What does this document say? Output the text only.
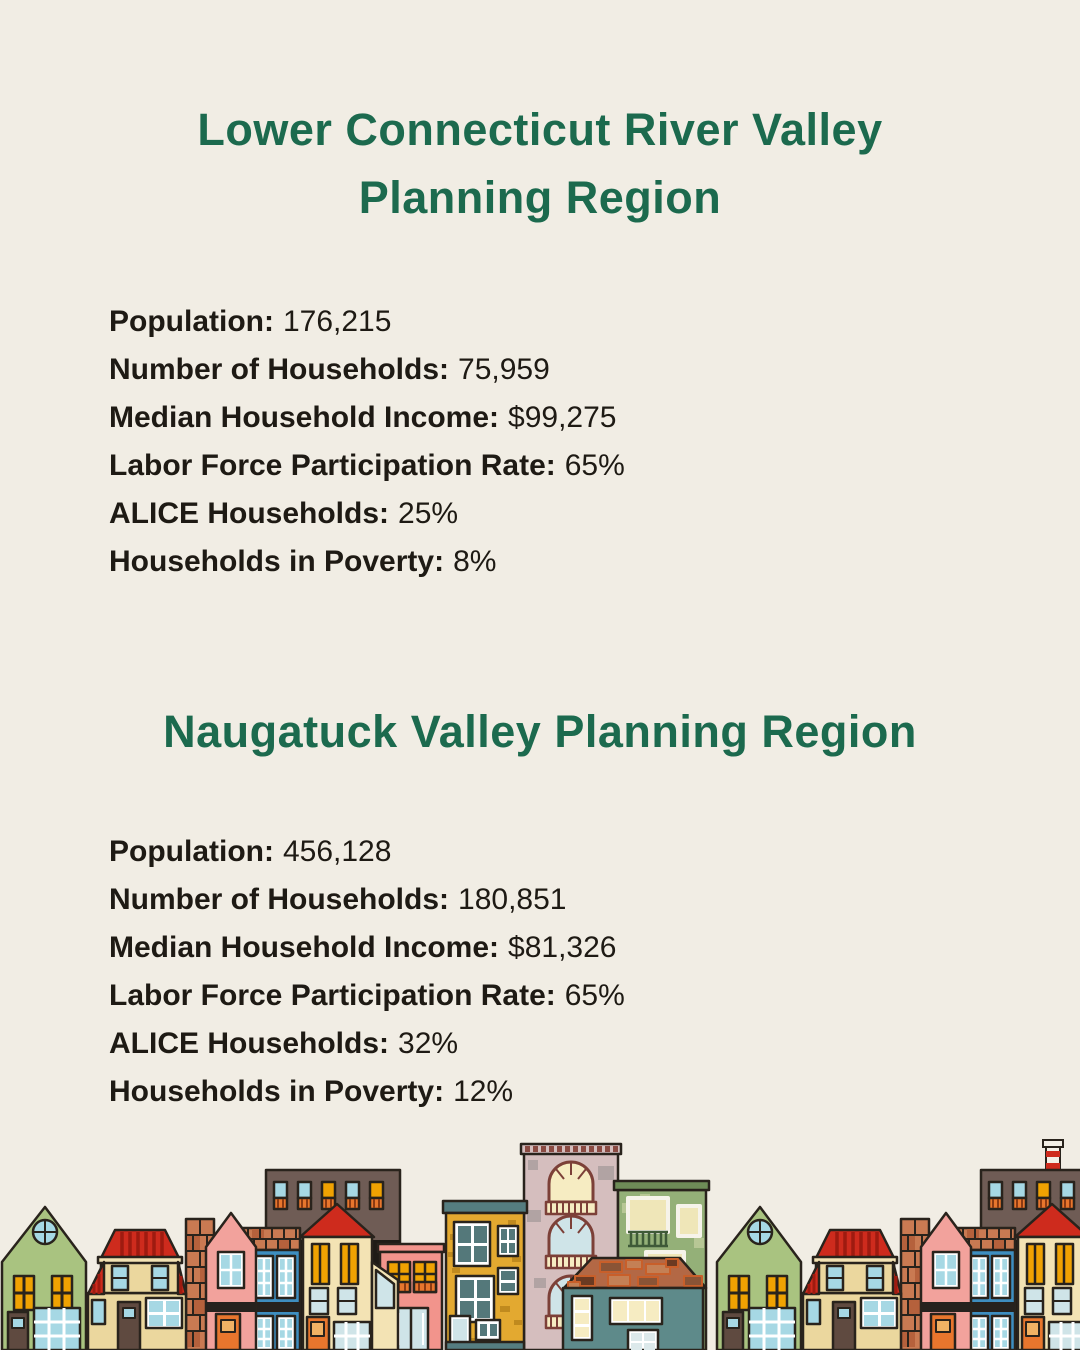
Lower Connecticut River Valley Planning Region
Population: 176,215
Number of Households: 75,959
Median Household Income: $99,275
Labor Force Participation Rate: 65%
ALICE Households: 25%
Households in Poverty: 8%
Naugatuck Valley Planning Region
Population: 456,128
Number of Households: 180,851
Median Household Income: $81,326
Labor Force Participation Rate: 65%
ALICE Households: 32%
Households in Poverty: 12%
